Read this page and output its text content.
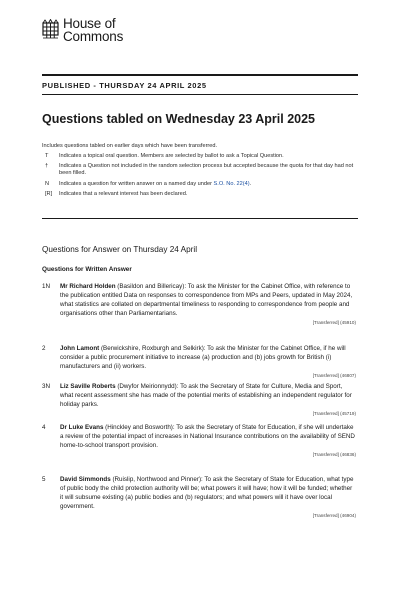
House of
Commons
PUBLISHED - THURSDAY 24 APRIL 2025
Questions tabled on Wednesday 23 April 2025
Includes questions tabled on earlier days which have been transferred.
T	Indicates a topical oral question. Members are selected by ballot to ask a Topical Question.
†	Indicates a Question not included in the random selection process but accepted because the quota for that day had not been filled.
N	Indicates a question for written answer on a named day under S.O. No. 22(4).
[R]	Indicates that a relevant interest has been declared.
Questions for Answer on Thursday 24 April
Questions for Written Answer
1N	Mr Richard Holden (Basildon and Billericay): To ask the Minister for the Cabinet Office, with reference to the publication entitled Data on responses to correspondence from MPs and Peers, updated in May 2024, what statistics are collated on departmental timeliness to responding to correspondence from people and organisations other than Parliamentarians.
[Transferred] (45910)
2	John Lamont (Berwickshire, Roxburgh and Selkirk): To ask the Minister for the Cabinet Office, if he will consider a public procurement initiative to increase (a) production and (b) jobs growth for British (i) manufacturers and (ii) workers.
[Transferred] (46807)
3N	Liz Saville Roberts (Dwyfor Meirionnydd): To ask the Secretary of State for Culture, Media and Sport, what recent assessment she has made of the potential merits of establishing an independent regulator for holiday parks.
[Transferred] (45719)
4	Dr Luke Evans (Hinckley and Bosworth): To ask the Secretary of State for Education, if she will undertake a review of the potential impact of increases in National Insurance contributions on the availability of SEND home-to-school transport provision.
[Transferred] (46836)
5	David Simmonds (Ruislip, Northwood and Pinner): To ask the Secretary of State for Education, what type of public body the child protection authority will be; what powers it will have; how it will be funded; whether it will subsume existing (a) public bodies and (b) regulators; and what powers will it have over local government.
[Transferred] (46904)
